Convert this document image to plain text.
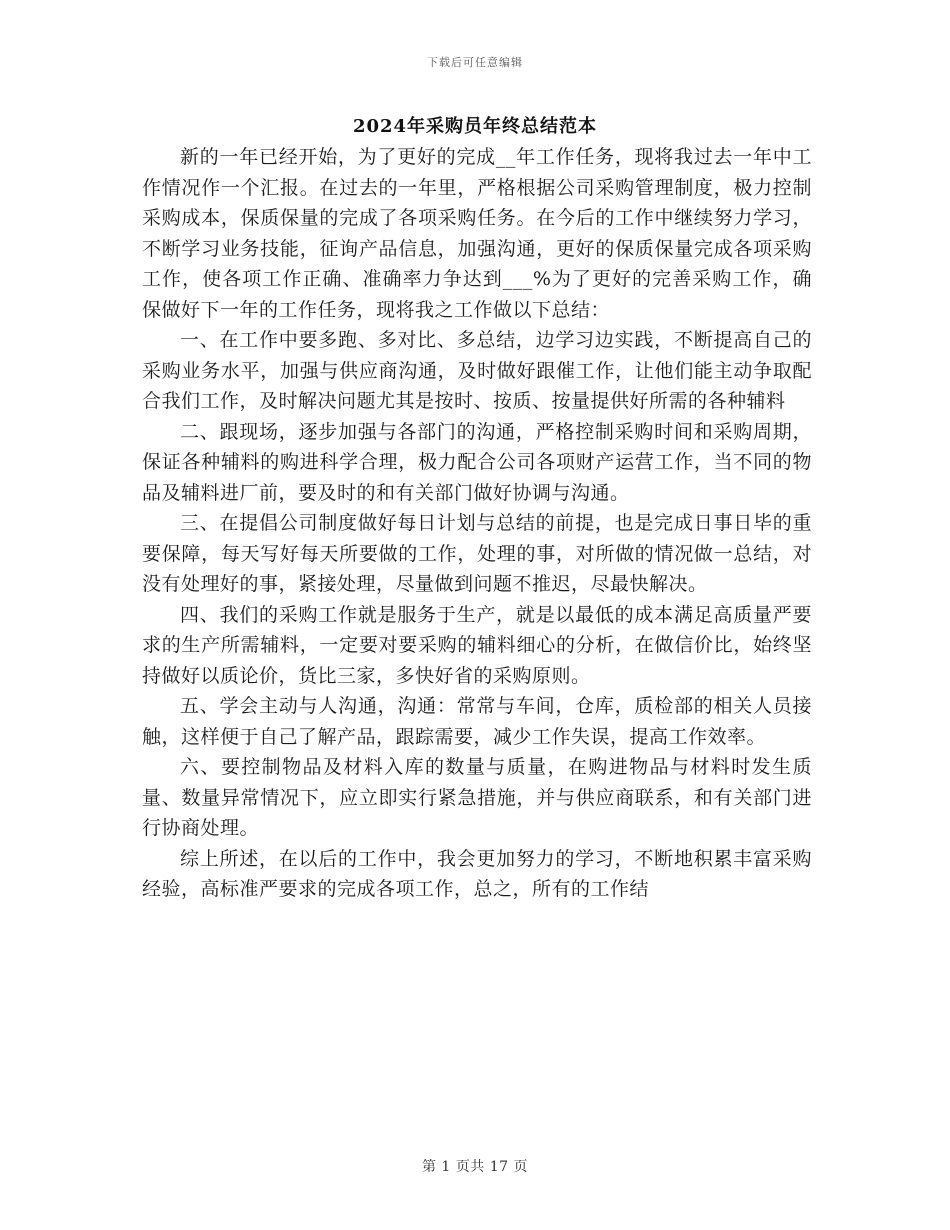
下载后可任意编辑
2024年采购员年终总结范本

新的一年已经开始，为了更好的完成__年工作任务，现将我过去一年中工作情况作一个汇报。在过去的一年里，严格根据公司采购管理制度，极力控制采购成本，保质保量的完成了各项采购任务。在今后的工作中继续努力学习，不断学习业务技能，征询产品信息，加强沟通，更好的保质保量完成各项采购工作，使各项工作正确、准确率力争达到___%为了更好的完善采购工作，确保做好下一年的工作任务，现将我之工作做以下总结：

一、在工作中要多跑、多对比、多总结，边学习边实践，不断提高自己的采购业务水平，加强与供应商沟通，及时做好跟催工作，让他们能主动争取配合我们工作，及时解决问题尤其是按时、按质、按量提供好所需的各种辅料

二、跟现场，逐步加强与各部门的沟通，严格控制采购时间和采购周期，保证各种辅料的购进科学合理，极力配合公司各项财产运营工作，当不同的物品及辅料进厂前，要及时的和有关部门做好协调与沟通。

三、在提倡公司制度做好每日计划与总结的前提，也是完成日事日毕的重要保障，每天写好每天所要做的工作，处理的事，对所做的情况做一总结，对没有处理好的事，紧接处理，尽量做到问题不推迟，尽最快解决。

四、我们的采购工作就是服务于生产，就是以最低的成本满足高质量严要求的生产所需辅料，一定要对要采购的辅料细心的分析，在做信价比，始终坚持做好以质论价，货比三家，多快好省的采购原则。

五、学会主动与人沟通，沟通：常常与车间，仓库，质检部的相关人员接触，这样便于自己了解产品，跟踪需要，减少工作失误，提高工作效率。

六、要控制物品及材料入库的数量与质量，在购进物品与材料时发生质量、数量异常情况下，应立即实行紧急措施，并与供应商联系，和有关部门进行协商处理。

综上所述，在以后的工作中，我会更加努力的学习，不断地积累丰富采购经验，高标准严要求的完成各项工作，总之，所有的工作结

第 1 页共 17 页
